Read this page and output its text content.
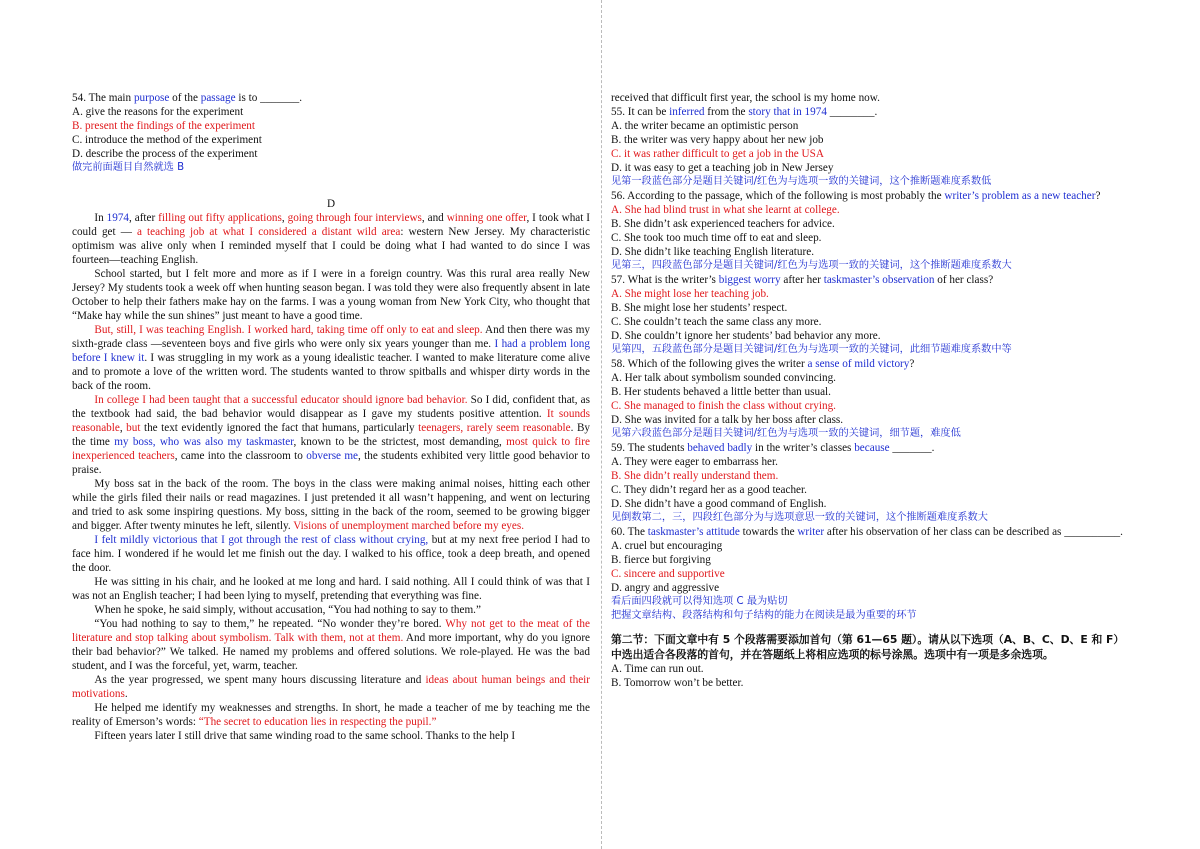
54. The main purpose of the passage is to _______.

A. give the reasons for the experiment

B. present the findings of the experiment

C. introduce the method of the experiment

D. describe the process of the experiment

做完前面题目自然就选 B

D

In 1974, after filling out fifty applications, going through four interviews, and winning one offer, I took what I could get — a teaching job at what I considered a distant wild area: western New Jersey. My characteristic optimism was alive only when I reminded myself that I could be doing what I had wanted to do since I was fourteen—teaching English.

School started, but I felt more and more as if I were in a foreign country. Was this rural area really New Jersey? My students took a week off when hunting season began. I was told they were also frequently absent in late October to help their fathers make hay on the farms. I was a young woman from New York City, who thought that “Make hay while the sun shines” just meant to have a good time.

But, still, I was teaching English. I worked hard, taking time off only to eat and sleep. And then there was my sixth-grade class —seventeen boys and five girls who were only six years younger than me. I had a problem long before I knew it. I was struggling in my work as a young idealistic teacher. I wanted to make literature come alive and to promote a love of the written word. The students wanted to throw spitballs and whisper dirty words in the back of the room.

In college I had been taught that a successful educator should ignore bad behavior. So I did, confident that, as the textbook had said, the bad behavior would disappear as I gave my students positive attention. It sounds reasonable, but the text evidently ignored the fact that humans, particularly teenagers, rarely seem reasonable. By the time my boss, who was also my taskmaster, known to be the strictest, most demanding, most quick to fire inexperienced teachers, came into the classroom to obverse me, the students exhibited very little good behavior to praise.

My boss sat in the back of the room. The boys in the class were making animal noises, hitting each other while the girls filed their nails or read magazines. I just pretended it all wasn’t happening, and went on lecturing and tried to ask some inspiring questions. My boss, sitting in the back of the room, seemed to be growing bigger and bigger. After twenty minutes he left, silently. Visions of unemployment marched before my eyes.

I felt mildly victorious that I got through the rest of class without crying, but at my next free period I had to face him. I wondered if he would let me finish out the day. I walked to his office, took a deep breath, and opened the door.

He was sitting in his chair, and he looked at me long and hard. I said nothing. All I could think of was that I was not an English teacher; I had been lying to myself, pretending that everything was fine.

When he spoke, he said simply, without accusation, “You had nothing to say to them.”

“You had nothing to say to them,” he repeated. “No wonder they’re bored. Why not get to the meat of the literature and stop talking about symbolism. Talk with them, not at them. And more important, why do you ignore their bad behavior?” We talked. He named my problems and offered solutions. We role-played. He was the bad student, and I was the forceful, yet, warm, teacher.

As the year progressed, we spent many hours discussing literature and ideas about human beings and their motivations.

He helped me identify my weaknesses and strengths. In short, he made a teacher of me by teaching me the reality of Emerson’s words: “The secret to education lies in respecting the pupil.”

Fifteen years later I still drive that same winding road to the same school. Thanks to the help I

received that difficult first year, the school is my home now.

55. It can be inferred from the story that in 1974 ________.

A. the writer became an optimistic person

B. the writer was very happy about her new job

C. it was rather difficult to get a job in the USA

D. it was easy to get a teaching job in New Jersey

见第一段蓝色部分是题目关键词/红色为与选项一致的关键词，这个推断题难度系数低

56. According to the passage, which of the following is most probably the writer’s problem as a new teacher?

A. She had blind trust in what she learnt at college.

B. She didn’t ask experienced teachers for advice.

C. She took too much time off to eat and sleep.

D. She didn’t like teaching English literature.

见第三，四段蓝色部分是题目关键词/红色为与选项一致的关键词，这个推断题难度系数大

57. What is the writer’s biggest worry after her taskmaster’s observation of her class?

A. She might lose her teaching job.

B. She might lose her students’ respect.

C. She couldn’t teach the same class any more.

D. She couldn’t ignore her students’ bad behavior any more.

见第四，五段蓝色部分是题目关键词/红色为与选项一致的关键词，此细节题难度系数中等

58. Which of the following gives the writer a sense of mild victory?

A. Her talk about symbolism sounded convincing.

B. Her students behaved a little better than usual.

C. She managed to finish the class without crying.

D. She was invited for a talk by her boss after class.

见第六段蓝色部分是题目关键词/红色为与选项一致的关键词，细节题，难度低

59. The students behaved badly in the writer’s classes because _______.

A. They were eager to embarrass her.

B. She didn’t really understand them.

C. They didn’t regard her as a good teacher.

D. She didn’t have a good command of English.

见倒数第二，三，四段红色部分为与选项意思一致的关键词，这个推断题难度系数大

60. The taskmaster’s attitude towards the writer after his observation of her class can be described as __________.

A. cruel but encouraging

B. fierce but forgiving

C. sincere and supportive

D. angry and aggressive

看后面四段就可以得知选项 C 最为贴切

把握文章结构、段落结构和句子结构的能力在阅读是最为重要的环节

第二节：下面文章中有 5 个段落需要添加首句（第 61—65 题）。请从以下选项（A、B、C、D、E 和 F）中选出适合各段落的首句，并在答题纸上将相应选项的标号涂黑。选项中有一项是多余选项。

A. Time can run out.

B. Tomorrow won’t be better.
